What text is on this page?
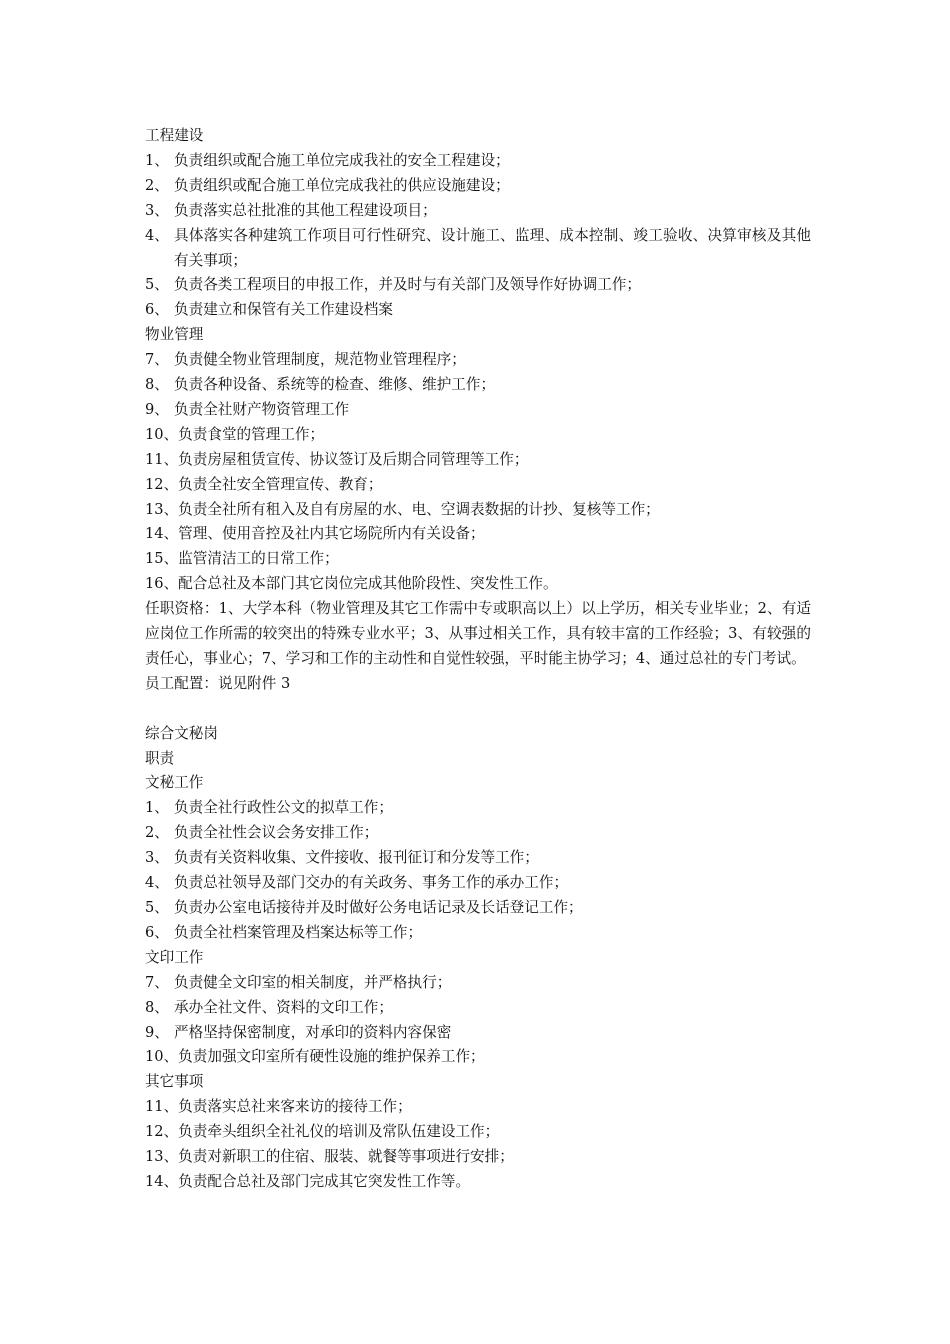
工程建设
1、 负责组织或配合施工单位完成我社的安全工程建设；
2、 负责组织或配合施工单位完成我社的供应设施建设；
3、 负责落实总社批准的其他工程建设项目；
4、 具体落实各种建筑工作项目可行性研究、设计施工、监理、成本控制、竣工验收、决算审核及其他有关事项；
5、 负责各类工程项目的申报工作，并及时与有关部门及领导作好协调工作；
6、 负责建立和保管有关工作建设档案
物业管理
7、 负责健全物业管理制度，规范物业管理程序；
8、 负责各种设备、系统等的检查、维修、维护工作；
9、 负责全社财产物资管理工作
10、 负责食堂的管理工作；
11、 负责房屋租赁宣传、协议签订及后期合同管理等工作；
12、 负责全社安全管理宣传、教育；
13、 负责全社所有租入及自有房屋的水、电、空调表数据的计抄、复核等工作；
14、 管理、使用音控及社内其它场院所内有关设备；
15、 监管清洁工的日常工作；
16、 配合总社及本部门其它岗位完成其他阶段性、突发性工作。
任职资格：1、大学本科（物业管理及其它工作需中专或职高以上）以上学历，相关专业毕业；2、有适应岗位工作所需的较突出的特殊专业水平；3、从事过相关工作，具有较丰富的工作经验；3、有较强的责任心，事业心；7、学习和工作的主动性和自觉性较强，平时能主协学习；4、通过总社的专门考试。
员工配置：说见附件 3
综合文秘岗
职责
文秘工作
1、 负责全社行政性公文的拟草工作；
2、 负责全社性会议会务安排工作；
3、 负责有关资料收集、文件接收、报刊征订和分发等工作；
4、 负责总社领导及部门交办的有关政务、事务工作的承办工作；
5、 负责办公室电话接待并及时做好公务电话记录及长话登记工作；
6、 负责全社档案管理及档案达标等工作；
文印工作
7、 负责健全文印室的相关制度，并严格执行；
8、 承办全社文件、资料的文印工作；
9、 严格坚持保密制度，对承印的资料内容保密
10、 负责加强文印室所有硬性设施的维护保养工作；
其它事项
11、 负责落实总社来客来访的接待工作；
12、 负责牵头组织全社礼仪的培训及常队伍建设工作；
13、 负责对新职工的住宿、服装、就餐等事项进行安排；
14、 负责配合总社及部门完成其它突发性工作等。
